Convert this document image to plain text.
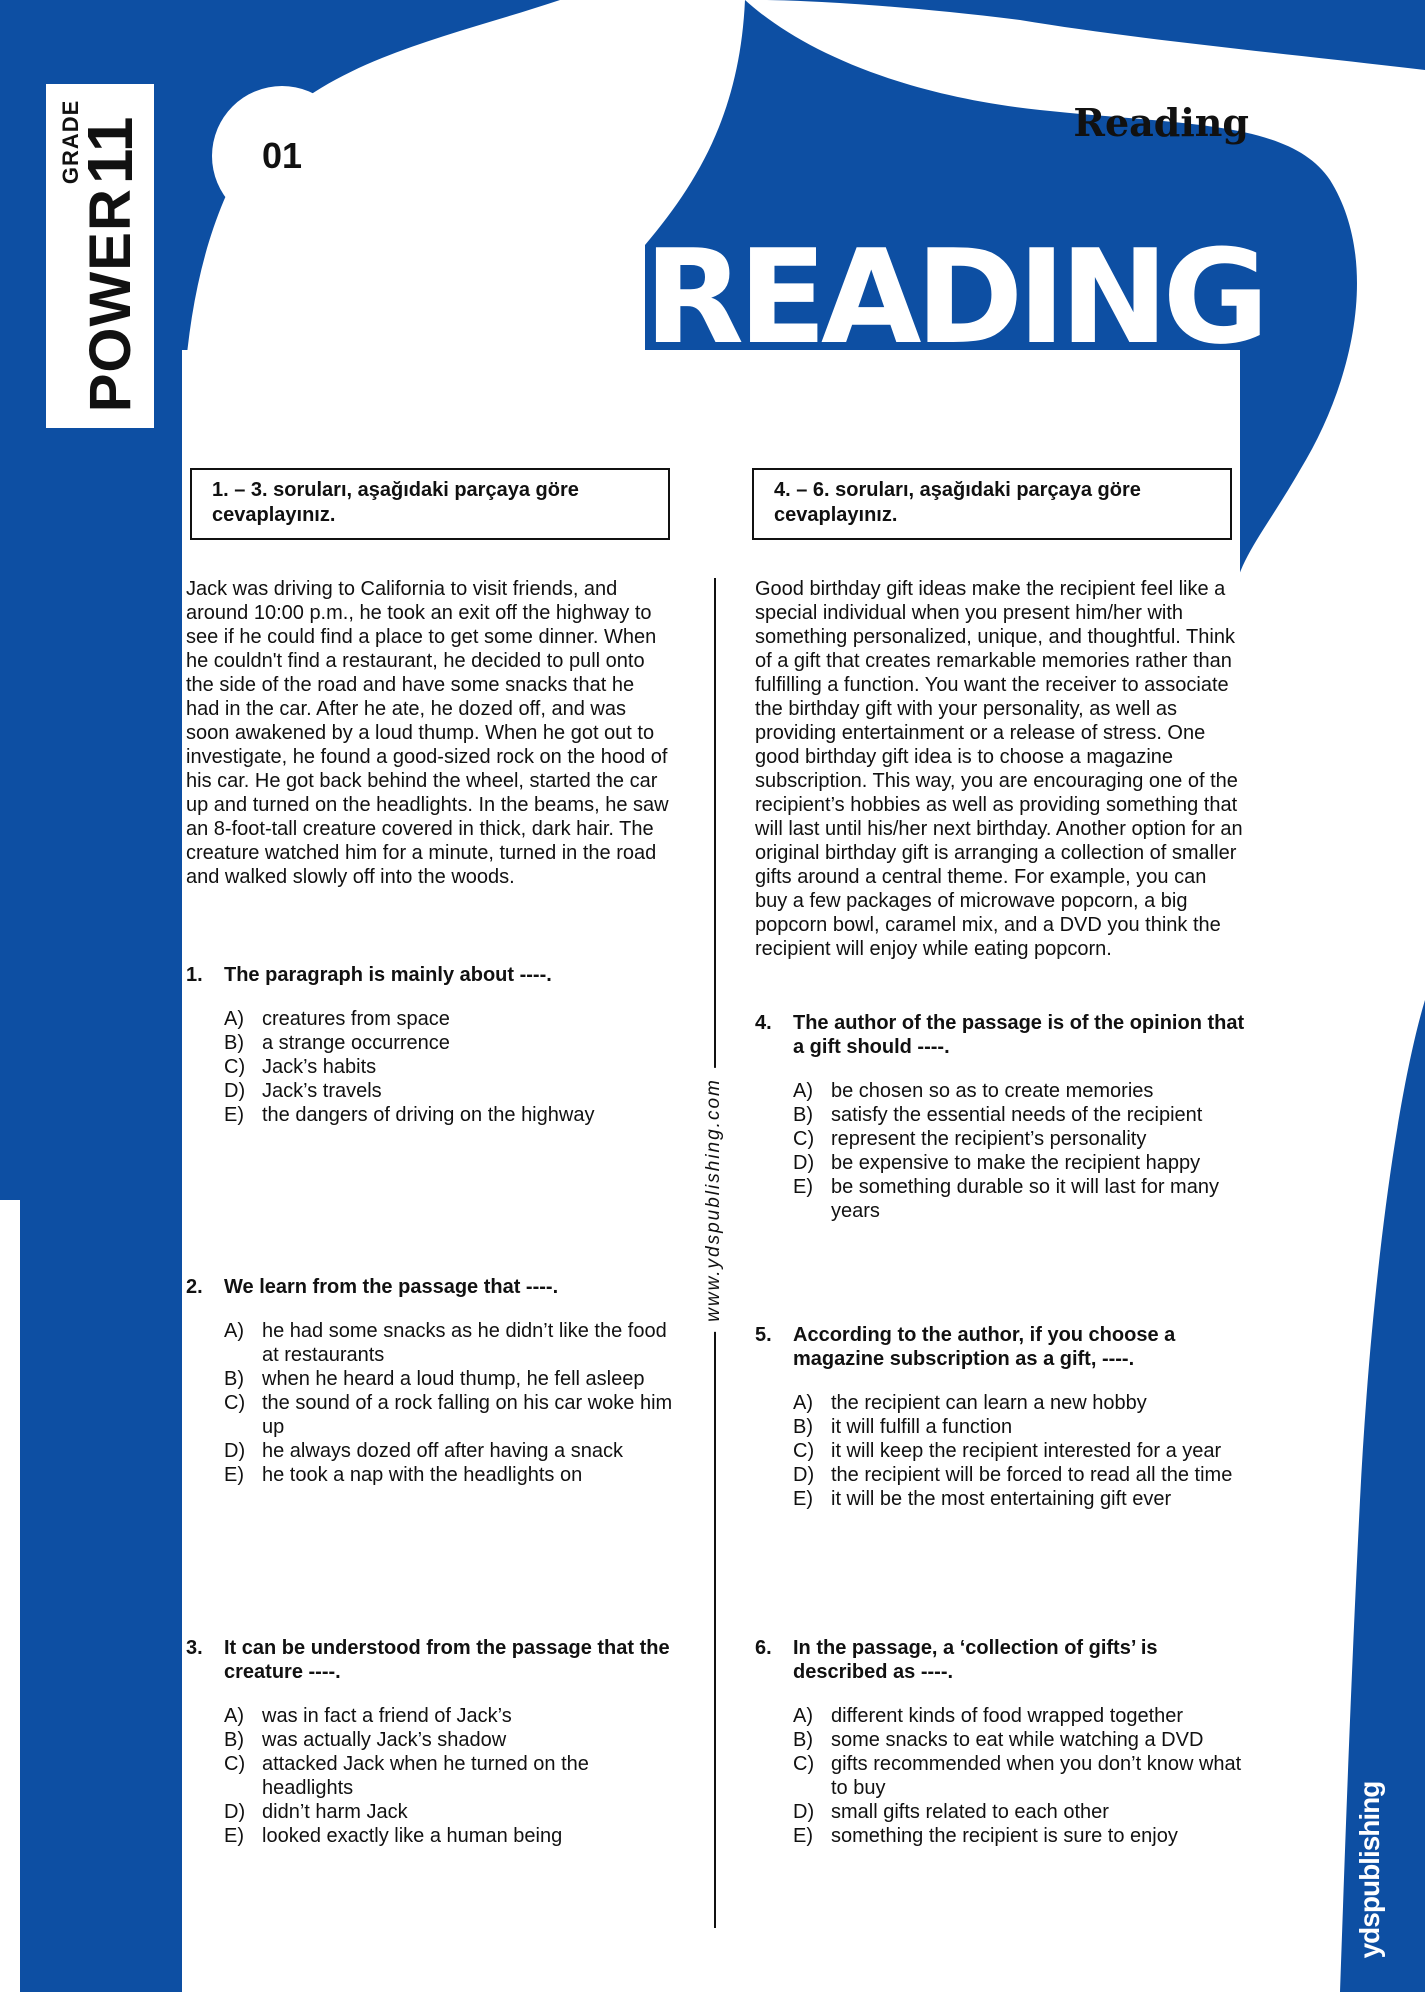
POWER
GRADE
11	01
Reading
READING
1. – 3. soruları, aşağıdaki parçaya göre cevaplayınız.
4. – 6. soruları, aşağıdaki parçaya göre cevaplayınız.

Jack was driving to California to visit friends, and around 10:00 p.m., he took an exit off the highway to see if he could find a place to get some dinner. When he couldn't find a restaurant, he decided to pull onto the side of the road and have some snacks that he had in the car. After he ate, he dozed off, and was soon awakened by a loud thump. When he got out to investigate, he found a good-sized rock on the hood of his car. He got back behind the wheel, started the car up and turned on the headlights. In the beams, he saw an 8-foot-tall creature covered in thick, dark hair. The creature watched him for a minute, turned in the road and walked slowly off into the woods.

Good birthday gift ideas make the recipient feel like a special individual when you present him/her with something personalized, unique, and thoughtful. Think of a gift that creates remarkable memories rather than fulfilling a function. You want the receiver to associate the birthday gift with your personality, as well as providing entertainment or a release of stress. One good birthday gift idea is to choose a magazine subscription. This way, you are encouraging one of the recipient’s hobbies as well as providing something that will last until his/her next birthday. Another option for an original birthday gift is arranging a collection of smaller gifts around a central theme. For example, you can buy a few packages of microwave popcorn, a big popcorn bowl, caramel mix, and a DVD you think the recipient will enjoy while eating popcorn.

www.ydspublishing.com
1.	The paragraph is mainly about ----.
A) creatures from space
B) a strange occurrence
C) Jack’s habits
D) Jack’s travels
E) the dangers of driving on the highway
2.	We learn from the passage that ----.
A) he had some snacks as he didn’t like the food at restaurants
B) when he heard a loud thump, he fell asleep
C) the sound of a rock falling on his car woke him up
D) he always dozed off after having a snack
E) he took a nap with the headlights on
3.	It can be understood from the passage that the creature ----.
A) was in fact a friend of Jack’s
B) was actually Jack’s shadow
C) attacked Jack when he turned on the headlights
D) didn’t harm Jack
E) looked exactly like a human being
4.	The author of the passage is of the opinion that a gift should ----.
A) be chosen so as to create memories
B) satisfy the essential needs of the recipient
C) represent the recipient’s personality
D) be expensive to make the recipient happy
E) be something durable so it will last for many years
5.	According to the author, if you choose a magazine subscription as a gift, ----.
A) the recipient can learn a new hobby
B) it will fulfill a function
C) it will keep the recipient interested for a year
D) the recipient will be forced to read all the time
E) it will be the most entertaining gift ever
6.	In the passage, a ‘collection of gifts’ is described as ----.
A) different kinds of food wrapped together
B) some snacks to eat while watching a DVD
C) gifts recommended when you don’t know what to buy
D) small gifts related to each other
E) something the recipient is sure to enjoy	ydspublishing
